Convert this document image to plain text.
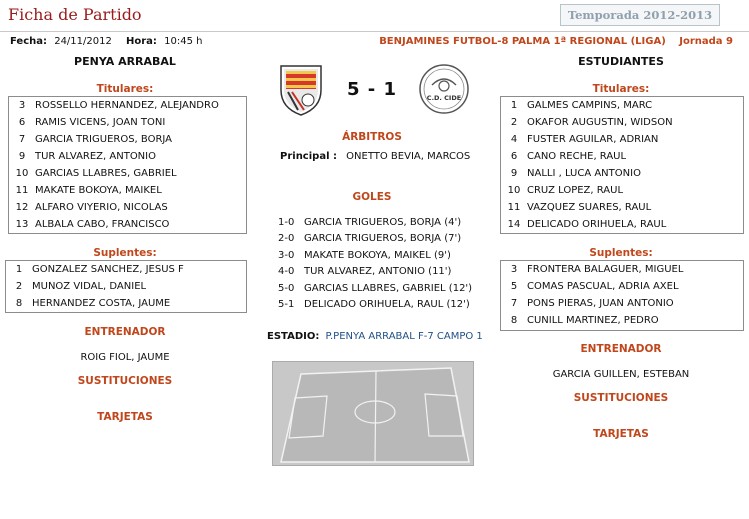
Ficha de Partido	Temporada 2012-2013
Fecha: 24/11/2012 Hora: 10:45 h	BENJAMINES FUTBOL-8 PALMA 1ª REGIONAL (LIGA) Jornada 9
PENYA ARRABAL
Titulares:
3 ROSSELLO HERNANDEZ, ALEJANDRO
6 RAMIS VICENS, JOAN TONI
7 GARCIA TRIGUEROS, BORJA
9 TUR ALVAREZ, ANTONIO
10 GARCIAS LLABRES, GABRIEL
11 MAKATE BOKOYA, MAIKEL
12 ALFARO VIYERIO, NICOLAS
13 ALBALA CABO, FRANCISCO
Suplentes:
1 GONZALEZ SANCHEZ, JESUS F
2 MUÑOZ VIDAL, DANIEL
8 HERNANDEZ COSTA, JAUME
ENTRENADOR
ROIG FIOL, JAUME
SUSTITUCIONES
TARJETAS
5 - 1	C.D. CIDE
ÁRBITROS
Principal : ONETTO BEVIA, MARCOS
GOLES
1-0 GARCIA TRIGUEROS, BORJA (4')
2-0 GARCIA TRIGUEROS, BORJA (7')
3-0 MAKATE BOKOYA, MAIKEL (9')
4-0 TUR ALVAREZ, ANTONIO (11')
5-0 GARCIAS LLABRES, GABRIEL (12')
5-1 DELICADO ORIHUELA, RAUL (12')
ESTADIO: P.PENYA ARRABAL F-7 CAMPO 1
ESTUDIANTES
Titulares:
1 GALMES CAMPINS, MARC
2 OKAFOR AUGUSTIN, WIDSON
4 FUSTER AGUILAR, ADRIAN
6 CANO RECHE, RAUL
9 NALLI , LUCA ANTONIO
10 CRUZ LOPEZ, RAUL
11 VAZQUEZ SUARES, RAUL
14 DELICADO ORIHUELA, RAUL
Suplentes:
3 FRONTERA BALAGUER, MIGUEL
5 COMAS PASCUAL, ADRIA AXEL
7 PONS PIERAS, JUAN ANTONIO
8 CUNILL MARTINEZ, PEDRO
ENTRENADOR
GARCIA GUILLEN, ESTEBAN
SUSTITUCIONES
TARJETAS
